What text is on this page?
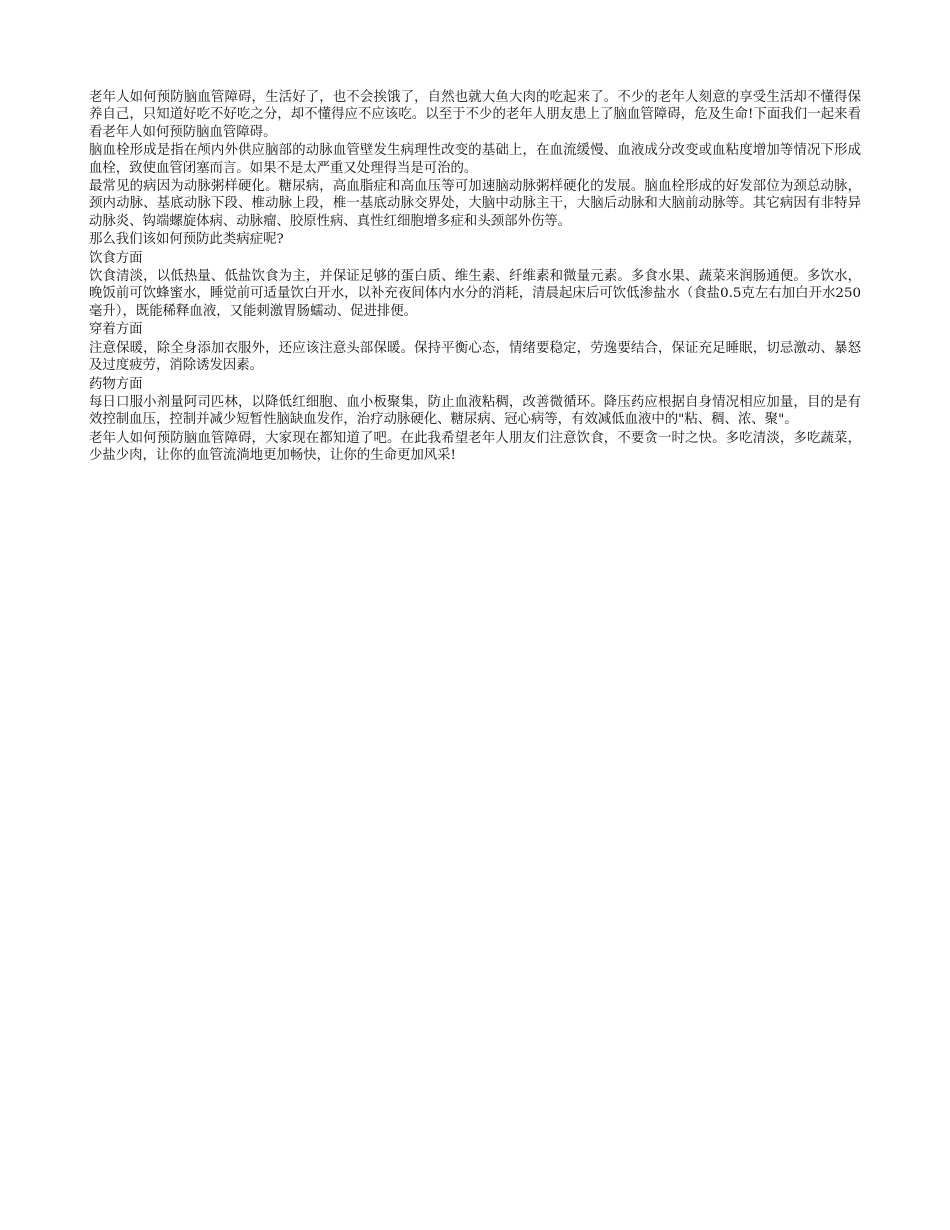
老年人如何预防脑血管障碍，生活好了，也不会挨饿了，自然也就大鱼大肉的吃起来了。不少的老年人刻意的享受生活却不懂得保养自己，只知道好吃不好吃之分，却不懂得应不应该吃。以至于不少的老年人朋友患上了脑血管障碍，危及生命!下面我们一起来看看老年人如何预防脑血管障碍。

脑血栓形成是指在颅内外供应脑部的动脉血管壁发生病理性改变的基础上，在血流缓慢、血液成分改变或血粘度增加等情况下形成血栓，致使血管闭塞而言。如果不是太严重又处理得当是可治的。

最常见的病因为动脉粥样硬化。糖尿病，高血脂症和高血压等可加速脑动脉粥样硬化的发展。脑血栓形成的好发部位为颈总动脉，颈内动脉、基底动脉下段、椎动脉上段，椎一基底动脉交界处，大脑中动脉主干，大脑后动脉和大脑前动脉等。其它病因有非特异动脉炎、钩端螺旋体病、动脉瘤、胶原性病、真性红细胞增多症和头颈部外伤等。

那么我们该如何预防此类病症呢?

饮食方面

饮食清淡，以低热量、低盐饮食为主，并保证足够的蛋白质、维生素、纤维素和微量元素。多食水果、蔬菜来润肠通便。多饮水，晚饭前可饮蜂蜜水，睡觉前可适量饮白开水，以补充夜间体内水分的消耗，清晨起床后可饮低渗盐水（食盐0.5克左右加白开水250毫升），既能稀释血液，又能刺激胃肠蠕动、促进排便。

穿着方面

注意保暖，除全身添加衣服外，还应该注意头部保暖。保持平衡心态，情绪要稳定，劳逸要结合，保证充足睡眠，切忌激动、暴怒及过度疲劳，消除诱发因素。

药物方面

每日口服小剂量阿司匹林，以降低红细胞、血小板聚集，防止血液粘稠，改善微循环。降压药应根据自身情况相应加量，目的是有效控制血压，控制并减少短暂性脑缺血发作，治疗动脉硬化、糖尿病、冠心病等，有效减低血液中的"粘、稠、浓、聚"。

老年人如何预防脑血管障碍，大家现在都知道了吧。在此我希望老年人朋友们注意饮食，不要贪一时之快。多吃清淡，多吃蔬菜，少盐少肉，让你的血管流淌地更加畅快，让你的生命更加风采!
